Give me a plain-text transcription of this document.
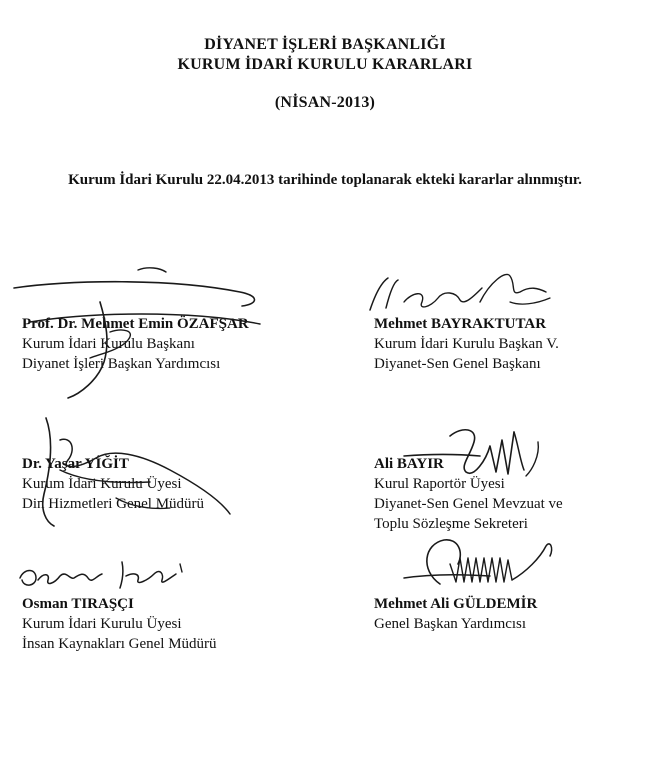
DİYANET İŞLERİ BAŞKANLIĞI
KURUM İDARİ KURULU KARARLARI
(NİSAN-2013)
Kurum İdari Kurulu 22.04.2013 tarihinde toplanarak ekteki kararlar alınmıştır.
Prof. Dr. Mehmet Emin ÖZAFŞAR
Kurum İdari Kurulu Başkanı
Diyanet İşleri Başkan Yardımcısı
Mehmet BAYRAKTUTAR
Kurum İdari Kurulu Başkan V.
Diyanet-Sen Genel Başkanı
Dr. Yaşar YİĞİT
Kurum İdari Kurulu Üyesi
Din Hizmetleri Genel Müdürü
Ali BAYIR
Kurul Raportör Üyesi
Diyanet-Sen Genel Mevzuat ve
Toplu Sözleşme Sekreteri
Osman TIRAŞÇI
Kurum İdari Kurulu Üyesi
İnsan Kaynakları Genel Müdürü
Mehmet Ali GÜLDEMİR
Genel Başkan Yardımcısı
